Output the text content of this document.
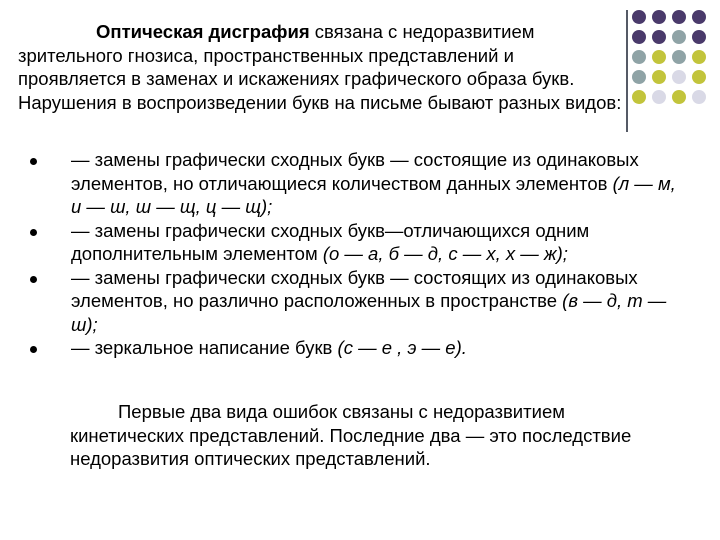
Оптическая дисграфия связана с недоразвитием зрительного гнозиса, пространственных представлений и проявляется в заменах и искажениях графического образа букв. Нарушения в воспроизведении букв на письме бывают разных видов:

— замены графически сходных букв — состоящие из одинаковых элементов, но отличающиеся количеством данных элементов (л — м, и — ш, ш — щ, ц — щ);
— замены графически сходных букв—отличающихся одним дополнительным элементом (о — а, б — д, с — х, х — ж);
— замены графически сходных букв — состоящих из одинаковых элементов, но различно расположенных в пространстве (в — д, т — ш);
— зеркальное написание букв (с — е , э — е).

Первые два вида ошибок связаны с недоразвитием кинетических представлений. Последние два — это последствие недоразвития оптических представлений.
